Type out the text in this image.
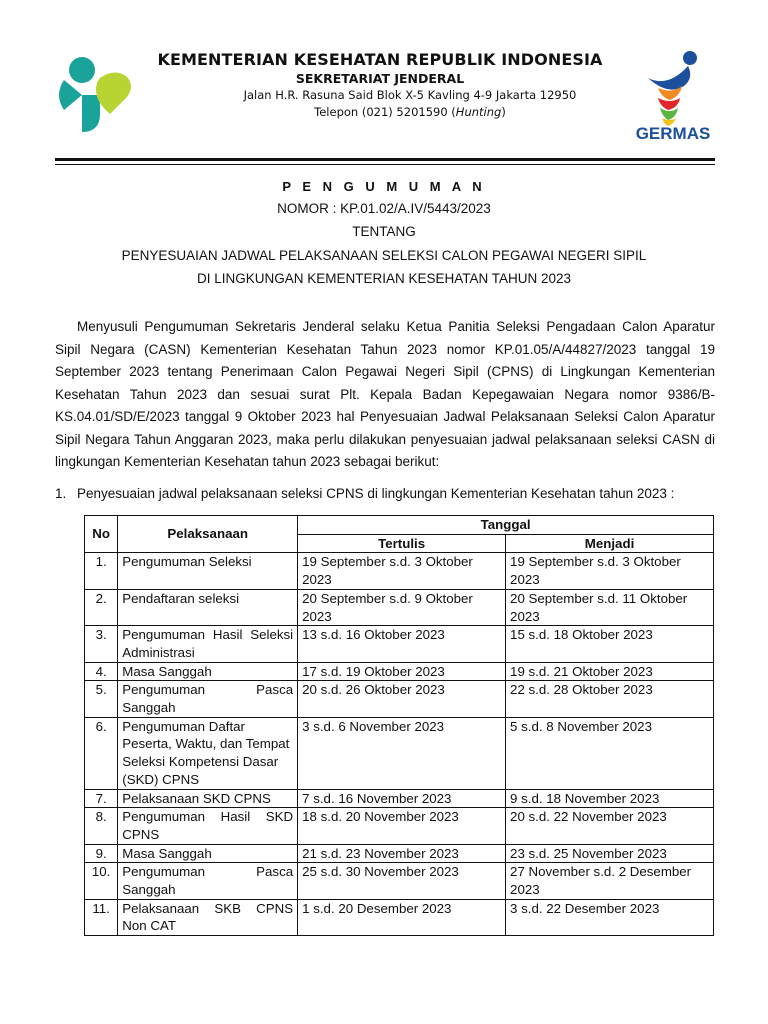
KEMENTERIAN KESEHATAN REPUBLIK INDONESIA
SEKRETARIAT JENDERAL
Jalan H.R. Rasuna Said Blok X-5 Kavling 4-9 Jakarta 12950
Telepon (021) 5201590 (Hunting)
GERMAS
P E N G U M U M A N
NOMOR : KP.01.02/A.IV/5443/2023
TENTANG
PENYESUAIAN JADWAL PELAKSANAAN SELEKSI CALON PEGAWAI NEGERI SIPIL
DI LINGKUNGAN KEMENTERIAN KESEHATAN TAHUN 2023
Menyusuli Pengumuman Sekretaris Jenderal selaku Ketua Panitia Seleksi Pengadaan Calon Aparatur Sipil Negara (CASN) Kementerian Kesehatan Tahun 2023 nomor KP.01.05/A/44827/2023 tanggal 19 September 2023 tentang Penerimaan Calon Pegawai Negeri Sipil (CPNS) di Lingkungan Kementerian Kesehatan Tahun 2023 dan sesuai surat Plt. Kepala Badan Kepegawaian Negara nomor 9386/B-KS.04.01/SD/E/2023 tanggal 9 Oktober 2023 hal Penyesuaian Jadwal Pelaksanaan Seleksi Calon Aparatur Sipil Negara Tahun Anggaran 2023, maka perlu dilakukan penyesuaian jadwal pelaksanaan seleksi CASN di lingkungan Kementerian Kesehatan tahun 2023 sebagai berikut:
1. Penyesuaian jadwal pelaksanaan seleksi CPNS di lingkungan Kementerian Kesehatan tahun 2023 :
No	Pelaksanaan	Tanggal	
		Tertulis	Menjadi
1.	Pengumuman Seleksi	19 September s.d. 3 Oktober 2023	19 September s.d. 3 Oktober 2023
2.	Pendaftaran seleksi	20 September s.d. 9 Oktober 2023	20 September s.d. 11 Oktober 2023
3.	Pengumuman Hasil Seleksi Administrasi	13 s.d. 16 Oktober 2023	15 s.d. 18 Oktober 2023
4.	Masa Sanggah	17 s.d. 19 Oktober 2023	19 s.d. 21 Oktober 2023
5.	Pengumuman Pasca Sanggah	20 s.d. 26 Oktober 2023	22 s.d. 28 Oktober 2023
6.	Pengumuman Daftar Peserta, Waktu, dan Tempat Seleksi Kompetensi Dasar (SKD) CPNS	3 s.d. 6 November 2023	5 s.d. 8 November 2023
7.	Pelaksanaan SKD CPNS	7 s.d. 16 November 2023	9 s.d. 18 November 2023
8.	Pengumuman Hasil SKD CPNS	18 s.d. 20 November 2023	20 s.d. 22 November 2023
9.	Masa Sanggah	21 s.d. 23 November 2023	23 s.d. 25 November 2023
10.	Pengumuman Pasca Sanggah	25 s.d. 30 November 2023	27 November s.d. 2 Desember 2023
11.	Pelaksanaan SKB CPNS Non CAT	1 s.d. 20 Desember 2023	3 s.d. 22 Desember 2023
